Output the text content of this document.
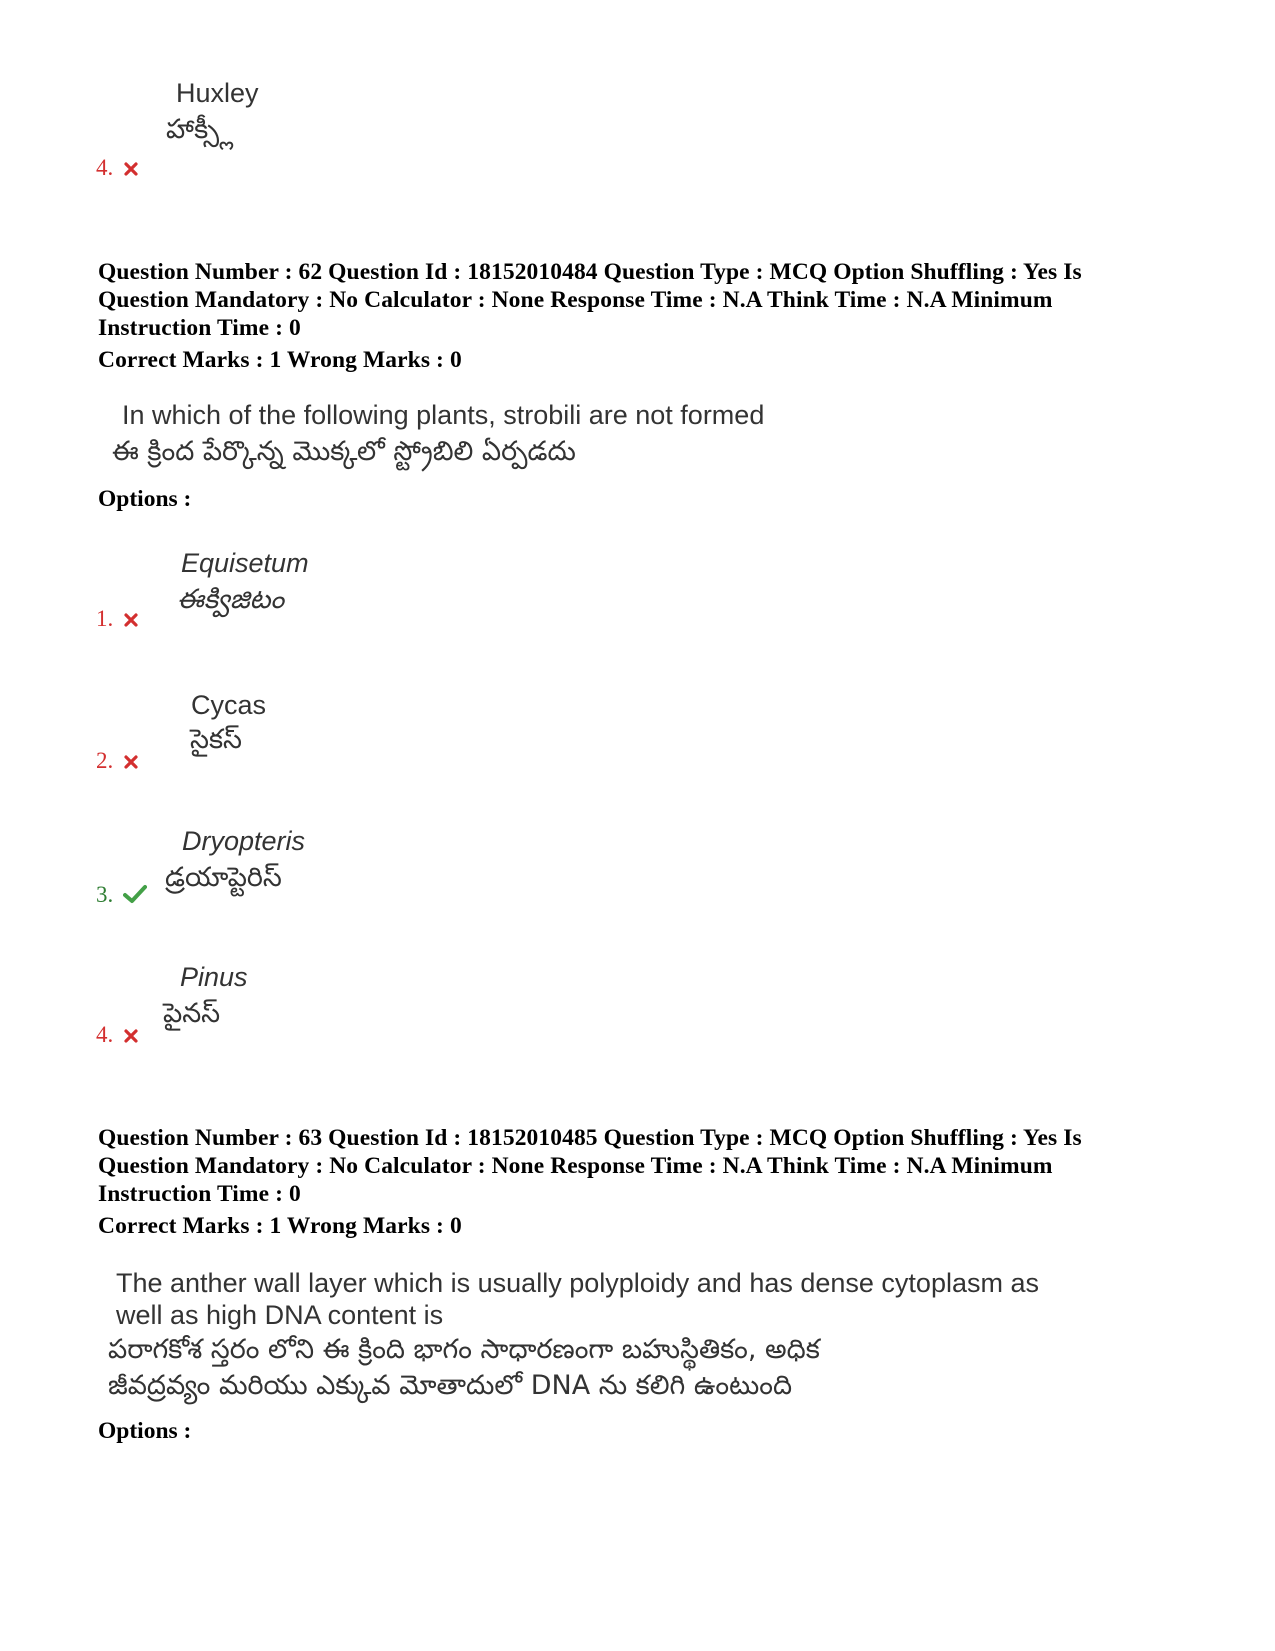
Huxley
హాక్స్లీ
4.
Question Number : 62 Question Id : 18152010484 Question Type : MCQ Option Shuffling : Yes Is
Question Mandatory : No Calculator : None Response Time : N.A Think Time : N.A Minimum
Instruction Time : 0
Correct Marks : 1 Wrong Marks : 0
In which of the following plants, strobili are not formed
ఈ క్రింద పేర్కొన్న మొక్కలో స్ట్రోబిలి ఏర్పడదు
Options :
Equisetum
ఈక్విజిటం
1.
Cycas
సైకస్
2.
Dryopteris
డ్రయాప్టెరిస్
3.
Pinus
పైనస్
4.
Question Number : 63 Question Id : 18152010485 Question Type : MCQ Option Shuffling : Yes Is
Question Mandatory : No Calculator : None Response Time : N.A Think Time : N.A Minimum
Instruction Time : 0
Correct Marks : 1 Wrong Marks : 0
The anther wall layer which is usually polyploidy and has dense cytoplasm as
well as high DNA content is
పరాగకోశ స్తరం లోని ఈ క్రింది భాగం సాధారణంగా బహుస్థితికం, అధిక
జీవద్రవ్యం మరియు ఎక్కువ మోతాదులో DNA ను కలిగి ఉంటుంది
Options :
